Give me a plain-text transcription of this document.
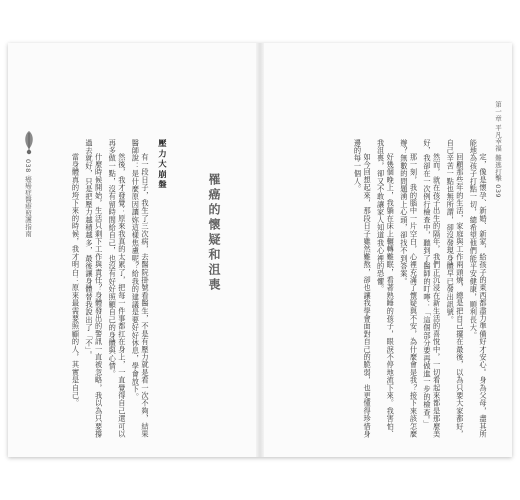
038 癌癌症醫療照護指南	壓力大崩盤

有一段日子，我生了三次病，去醫院掛號看醫生，不是有壓力就是看一次不夠，結果醫師說：是什麼原因讓妳這樣焦慮呢？給我的建議是要好好休息，學會放下。

然後，我才發覺：原來我真的太累了，把每一件事都扛在身上，一直覺得自己還可以再多做一點，沒有留時間給自己，也沒有好好照顧自己的身體與心情。

什麼時候開始，生活只剩下工作與責任？身體發出的警訊一直被忽略，我以為只要撐過去就好，只是把壓力越積越多，最後讓身體替我說出了「不」。

當身體真的垮下來的時候，我才明白：原來最需要照顧的人，其實是自己。	罹癌的懷疑和沮喪	定，像是懷孕、新婚、新家，給孩子的東西都盡力準備好才安心。身為父母，盡其所能地為孩子打點一切，總希望他們能平安健康，順利長大。

回顧那些年的生活，家庭與工作兩頭燒，總是把自己擺在最後，以為只要大家都好，自己辛苦一點也無所謂，卻沒發現身體早已發出訊號。

然而，就在孩子出生的隔年，我們正沉浸在新生活的喜悅中，一切看起來都是那麼美好，我卻在一次例行檢查中，聽到了醫師的叮嚀：「這個部分要再做進一步的檢查。」

那一刻，我的腦中一片空白，心裡充滿了懷疑與不安，為什麼會是我？接下來該怎麼辦？無數的問題湧上心頭，卻找不到答案。

好幾個晚上，我躺在床上輾轉難眠，看著熟睡的孩子，眼淚不停地流下來。我害怕、我沮喪，卻又不敢讓家人知道我心裡的恐懼。

如今回想起來，那段日子雖然難熬，卻也讓我學會面對自己的脆弱，也更懂得珍惜身邊的每一個人。	第一章 平凡幸福 難逃打擊 039
